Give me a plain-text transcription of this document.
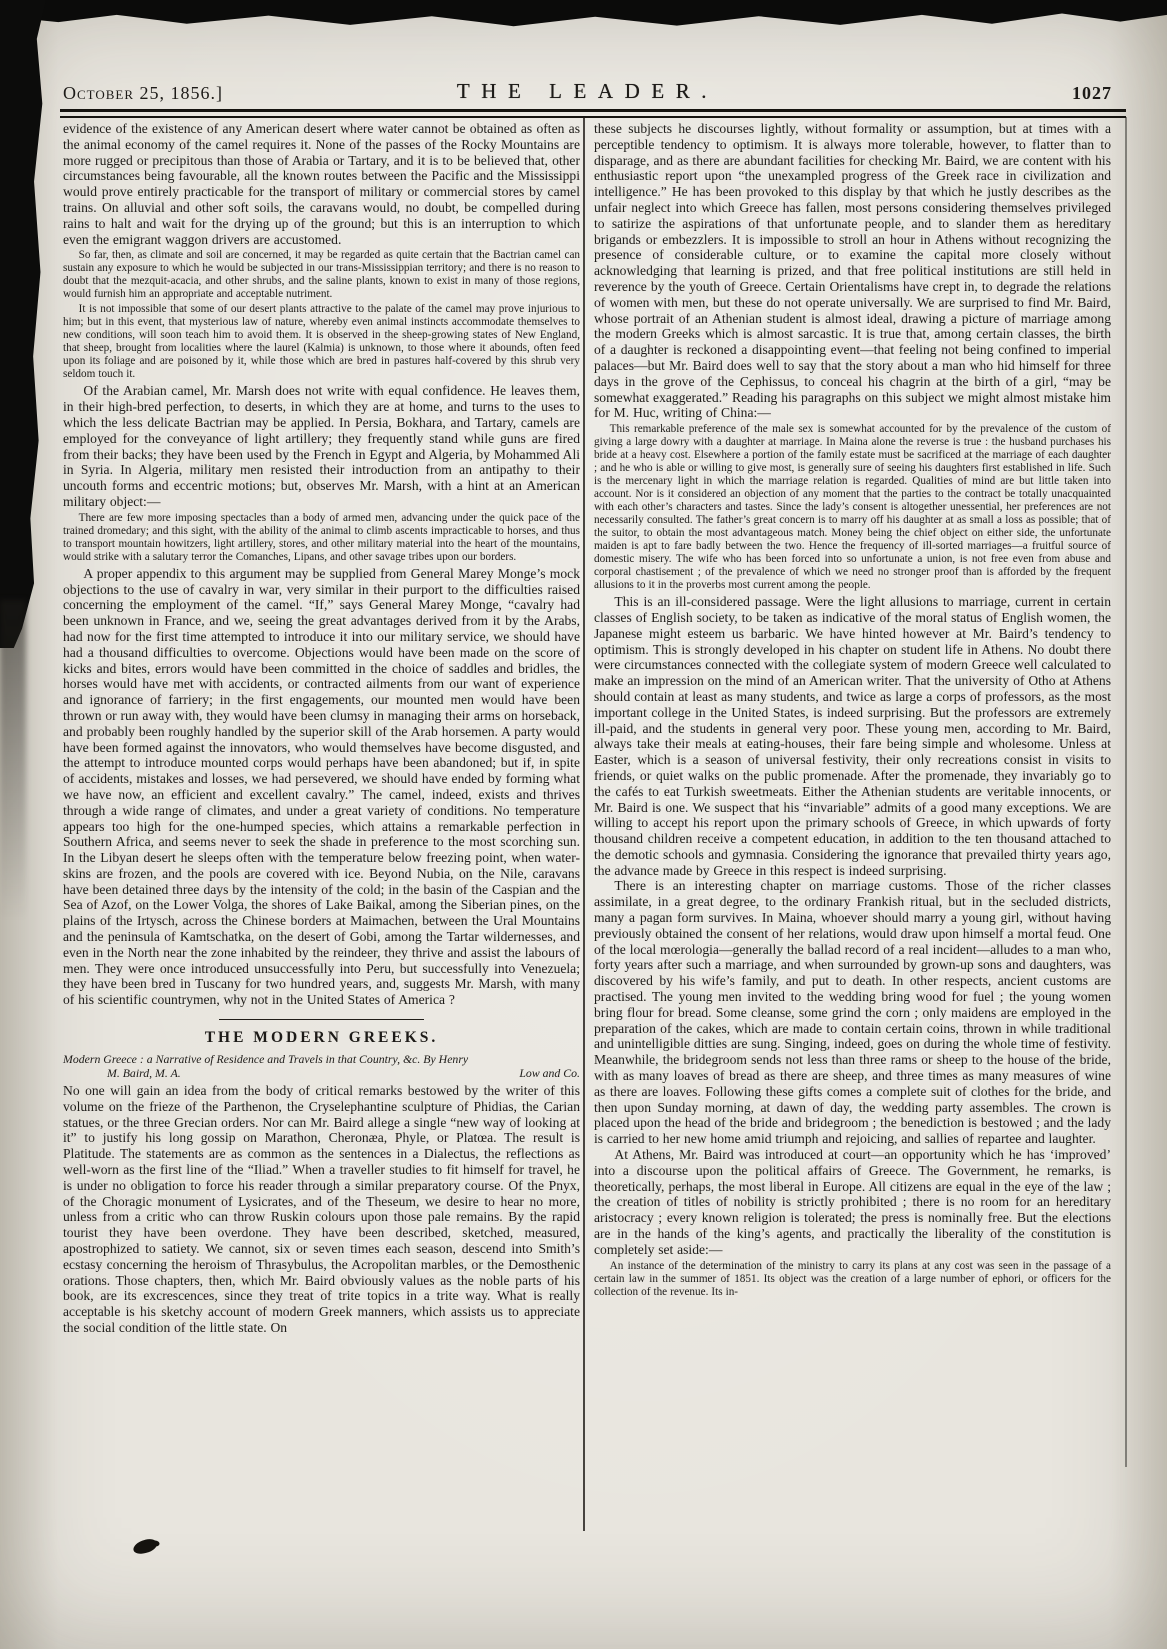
October 25, 1856.]	THE LEADER.	1027

evidence of the existence of any American desert where water cannot be obtained as often as the animal economy of the camel requires it. None of the passes of the Rocky Mountains are more rugged or precipitous than those of Arabia or Tartary, and it is to be believed that, other circumstances being favourable, all the known routes between the Pacific and the Mississippi would prove entirely practicable for the transport of military or commercial stores by camel trains. On alluvial and other soft soils, the caravans would, no doubt, be compelled during rains to halt and wait for the drying up of the ground; but this is an interruption to which even the emigrant waggon drivers are accustomed.

So far, then, as climate and soil are concerned, it may be regarded as quite certain that the Bactrian camel can sustain any exposure to which he would be subjected in our trans-Mississippian territory; and there is no reason to doubt that the mezquit-acacia, and other shrubs, and the saline plants, known to exist in many of those regions, would furnish him an appropriate and acceptable nutriment.

It is not impossible that some of our desert plants attractive to the palate of the camel may prove injurious to him; but in this event, that mysterious law of nature, whereby even animal instincts accommodate themselves to new conditions, will soon teach him to avoid them. It is observed in the sheep-growing states of New England, that sheep, brought from localities where the laurel (Kalmia) is unknown, to those where it abounds, often feed upon its foliage and are poisoned by it, while those which are bred in pastures half-covered by this shrub very seldom touch it.

Of the Arabian camel, Mr. Marsh does not write with equal confidence. He leaves them, in their high-bred perfection, to deserts, in which they are at home, and turns to the uses to which the less delicate Bactrian may be applied. In Persia, Bokhara, and Tartary, camels are employed for the conveyance of light artillery; they frequently stand while guns are fired from their backs; they have been used by the French in Egypt and Algeria, by Mohammed Ali in Syria. In Algeria, military men resisted their introduction from an antipathy to their uncouth forms and eccentric motions; but, observes Mr. Marsh, with a hint at an American military object:—

There are few more imposing spectacles than a body of armed men, advancing under the quick pace of the trained dromedary; and this sight, with the ability of the animal to climb ascents impracticable to horses, and thus to transport mountain howitzers, light artillery, stores, and other military material into the heart of the mountains, would strike with a salutary terror the Comanches, Lipans, and other savage tribes upon our borders.

A proper appendix to this argument may be supplied from General Marey Monge’s mock objections to the use of cavalry in war, very similar in their purport to the difficulties raised concerning the employment of the camel. “If,” says General Marey Monge, “cavalry had been unknown in France, and we, seeing the great advantages derived from it by the Arabs, had now for the first time attempted to introduce it into our military service, we should have had a thousand difficulties to overcome. Objections would have been made on the score of kicks and bites, errors would have been committed in the choice of saddles and bridles, the horses would have met with accidents, or contracted ailments from our want of experience and ignorance of farriery; in the first engagements, our mounted men would have been thrown or run away with, they would have been clumsy in managing their arms on horseback, and probably been roughly handled by the superior skill of the Arab horsemen. A party would have been formed against the innovators, who would themselves have become disgusted, and the attempt to introduce mounted corps would perhaps have been abandoned; but if, in spite of accidents, mistakes and losses, we had persevered, we should have ended by forming what we have now, an efficient and excellent cavalry.” The camel, indeed, exists and thrives through a wide range of climates, and under a great variety of conditions. No temperature appears too high for the one-humped species, which attains a remarkable perfection in Southern Africa, and seems never to seek the shade in preference to the most scorching sun. In the Libyan desert he sleeps often with the temperature below freezing point, when water-skins are frozen, and the pools are covered with ice. Beyond Nubia, on the Nile, caravans have been detained three days by the intensity of the cold; in the basin of the Caspian and the Sea of Azof, on the Lower Volga, the shores of Lake Baikal, among the Siberian pines, on the plains of the Irtysch, across the Chinese borders at Maimachen, between the Ural Mountains and the peninsula of Kamtschatka, on the desert of Gobi, among the Tartar wildernesses, and even in the North near the zone inhabited by the reindeer, they thrive and assist the labours of men. They were once introduced unsuccessfully into Peru, but successfully into Venezuela; they have been bred in Tuscany for two hundred years, and, suggests Mr. Marsh, with many of his scientific countrymen, why not in the United States of America ?

THE MODERN GREEKS.
Modern Greece : a Narrative of Residence and Travels in that Country, &c. By Henry
M. Baird, M. A.	Low and Co.

No one will gain an idea from the body of critical remarks bestowed by the writer of this volume on the frieze of the Parthenon, the Cryselephantine sculpture of Phidias, the Carian statues, or the three Grecian orders. Nor can Mr. Baird allege a single “new way of looking at it” to justify his long gossip on Marathon, Cheronæa, Phyle, or Platœa. The result is Platitude. The statements are as common as the sentences in a Dialectus, the reflections as well-worn as the first line of the “Iliad.” When a traveller studies to fit himself for travel, he is under no obligation to force his reader through a similar preparatory course. Of the Pnyx, of the Choragic monument of Lysicrates, and of the Theseum, we desire to hear no more, unless from a critic who can throw Ruskin colours upon those pale remains. By the rapid tourist they have been overdone. They have been described, sketched, measured, apostrophized to satiety. We cannot, six or seven times each season, descend into Smith’s ecstasy concerning the heroism of Thrasybulus, the Acropolitan marbles, or the Demosthenic orations. Those chapters, then, which Mr. Baird obviously values as the noble parts of his book, are its excrescences, since they treat of trite topics in a trite way. What is really acceptable is his sketchy account of modern Greek manners, which assists us to appreciate the social condition of the little state. On

these subjects he discourses lightly, without formality or assumption, but at times with a perceptible tendency to optimism. It is always more tolerable, however, to flatter than to disparage, and as there are abundant facilities for checking Mr. Baird, we are content with his enthusiastic report upon “the unexampled progress of the Greek race in civilization and intelligence.” He has been provoked to this display by that which he justly describes as the unfair neglect into which Greece has fallen, most persons considering themselves privileged to satirize the aspirations of that unfortunate people, and to slander them as hereditary brigands or embezzlers. It is impossible to stroll an hour in Athens without recognizing the presence of considerable culture, or to examine the capital more closely without acknowledging that learning is prized, and that free political institutions are still held in reverence by the youth of Greece. Certain Orientalisms have crept in, to degrade the relations of women with men, but these do not operate universally. We are surprised to find Mr. Baird, whose portrait of an Athenian student is almost ideal, drawing a picture of marriage among the modern Greeks which is almost sarcastic. It is true that, among certain classes, the birth of a daughter is reckoned a disappointing event—that feeling not being confined to imperial palaces—but Mr. Baird does well to say that the story about a man who hid himself for three days in the grove of the Cephissus, to conceal his chagrin at the birth of a girl, “may be somewhat exaggerated.” Reading his paragraphs on this subject we might almost mistake him for M. Huc, writing of China:—

This remarkable preference of the male sex is somewhat accounted for by the prevalence of the custom of giving a large dowry with a daughter at marriage. In Maina alone the reverse is true : the husband purchases his bride at a heavy cost. Elsewhere a portion of the family estate must be sacrificed at the marriage of each daughter ; and he who is able or willing to give most, is generally sure of seeing his daughters first established in life. Such is the mercenary light in which the marriage relation is regarded. Qualities of mind are but little taken into account. Nor is it considered an objection of any moment that the parties to the contract be totally unacquainted with each other’s characters and tastes. Since the lady’s consent is altogether unessential, her preferences are not necessarily consulted. The father’s great concern is to marry off his daughter at as small a loss as possible; that of the suitor, to obtain the most advantageous match. Money being the chief object on either side, the unfortunate maiden is apt to fare badly between the two. Hence the frequency of ill-sorted marriages—a fruitful source of domestic misery. The wife who has been forced into so unfortunate a union, is not free even from abuse and corporal chastisement ; of the prevalence of which we need no stronger proof than is afforded by the frequent allusions to it in the proverbs most current among the people.

This is an ill-considered passage. Were the light allusions to marriage, current in certain classes of English society, to be taken as indicative of the moral status of English women, the Japanese might esteem us barbaric. We have hinted however at Mr. Baird’s tendency to optimism. This is strongly developed in his chapter on student life in Athens. No doubt there were circumstances connected with the collegiate system of modern Greece well calculated to make an impression on the mind of an American writer. That the university of Otho at Athens should contain at least as many students, and twice as large a corps of professors, as the most important college in the United States, is indeed surprising. But the professors are extremely ill-paid, and the students in general very poor. These young men, according to Mr. Baird, always take their meals at eating-houses, their fare being simple and wholesome. Unless at Easter, which is a season of universal festivity, their only recreations consist in visits to friends, or quiet walks on the public promenade. After the promenade, they invariably go to the cafés to eat Turkish sweetmeats. Either the Athenian students are veritable innocents, or Mr. Baird is one. We suspect that his “invariable” admits of a good many exceptions. We are willing to accept his report upon the primary schools of Greece, in which upwards of forty thousand children receive a competent education, in addition to the ten thousand attached to the demotic schools and gymnasia. Considering the ignorance that prevailed thirty years ago, the advance made by Greece in this respect is indeed surprising.

There is an interesting chapter on marriage customs. Those of the richer classes assimilate, in a great degree, to the ordinary Frankish ritual, but in the secluded districts, many a pagan form survives. In Maina, whoever should marry a young girl, without having previously obtained the consent of her relations, would draw upon himself a mortal feud. One of the local mœrologia—generally the ballad record of a real incident—alludes to a man who, forty years after such a marriage, and when surrounded by grown-up sons and daughters, was discovered by his wife’s family, and put to death. In other respects, ancient customs are practised. The young men invited to the wedding bring wood for fuel ; the young women bring flour for bread. Some cleanse, some grind the corn ; only maidens are employed in the preparation of the cakes, which are made to contain certain coins, thrown in while traditional and unintelligible ditties are sung. Singing, indeed, goes on during the whole time of festivity. Meanwhile, the bridegroom sends not less than three rams or sheep to the house of the bride, with as many loaves of bread as there are sheep, and three times as many measures of wine as there are loaves. Following these gifts comes a complete suit of clothes for the bride, and then upon Sunday morning, at dawn of day, the wedding party assembles. The crown is placed upon the head of the bride and bridegroom ; the benediction is bestowed ; and the lady is carried to her new home amid triumph and rejoicing, and sallies of repartee and laughter.

At Athens, Mr. Baird was introduced at court—an opportunity which he has ‘improved’ into a discourse upon the political affairs of Greece. The Government, he remarks, is theoretically, perhaps, the most liberal in Europe. All citizens are equal in the eye of the law ; the creation of titles of nobility is strictly prohibited ; there is no room for an hereditary aristocracy ; every known religion is tolerated; the press is nominally free. But the elections are in the hands of the king’s agents, and practically the liberality of the constitution is completely set aside:—

An instance of the determination of the ministry to carry its plans at any cost was seen in the passage of a certain law in the summer of 1851. Its object was the creation of a large number of ephori, or officers for the collection of the revenue. Its in-
